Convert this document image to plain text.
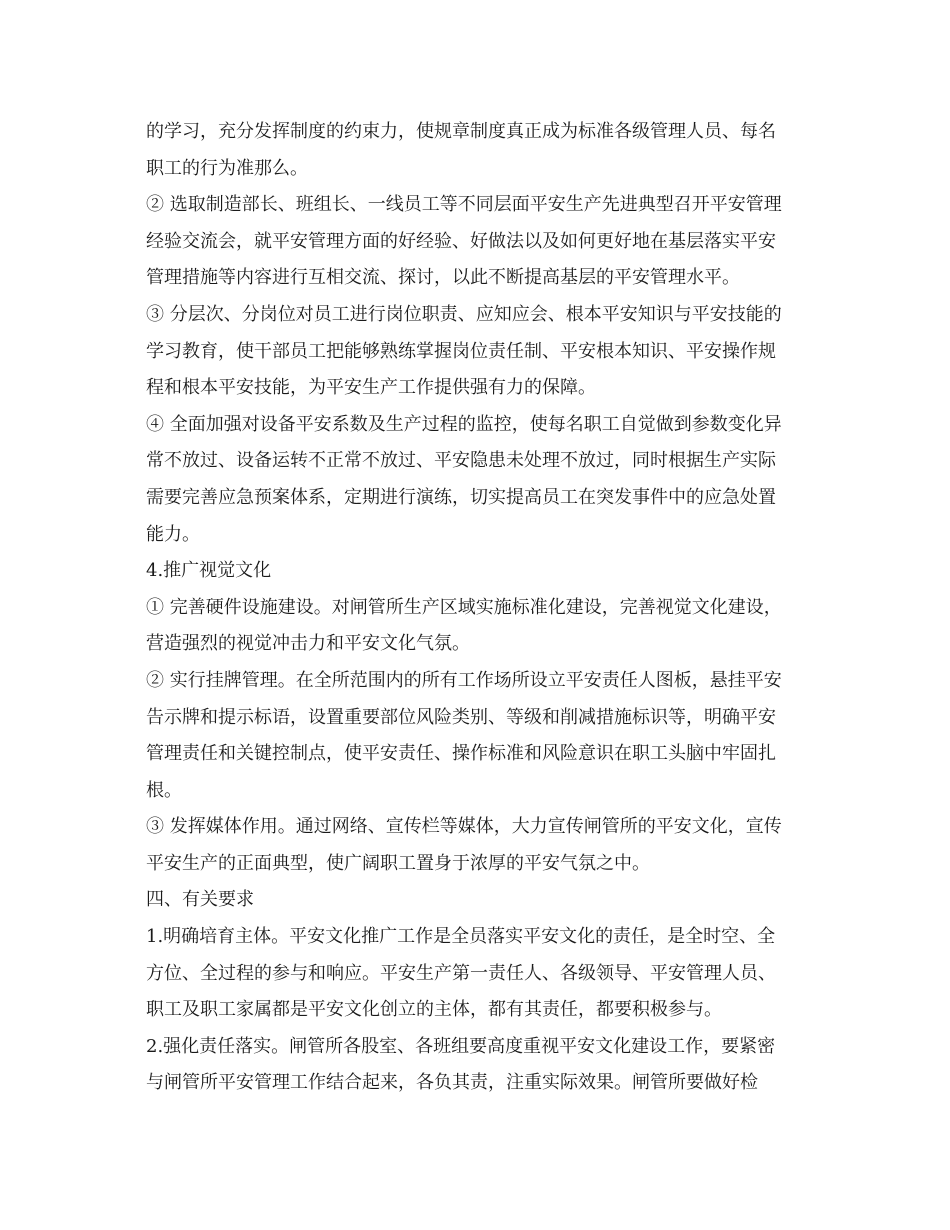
的学习，充分发挥制度的约束力，使规章制度真正成为标准各级管理人员、每名
职工的行为准那么。
② 选取制造部长、班组长、一线员工等不同层面平安生产先进典型召开平安管理
经验交流会，就平安管理方面的好经验、好做法以及如何更好地在基层落实平安
管理措施等内容进行互相交流、探讨，以此不断提高基层的平安管理水平。
③ 分层次、分岗位对员工进行岗位职责、应知应会、根本平安知识与平安技能的
学习教育，使干部员工把能够熟练掌握岗位责任制、平安根本知识、平安操作规
程和根本平安技能，为平安生产工作提供强有力的保障。
④ 全面加强对设备平安系数及生产过程的监控，使每名职工自觉做到参数变化异
常不放过、设备运转不正常不放过、平安隐患未处理不放过，同时根据生产实际
需要完善应急预案体系，定期进行演练，切实提高员工在突发事件中的应急处置
能力。
4.推广视觉文化
① 完善硬件设施建设。对闸管所生产区域实施标准化建设，完善视觉文化建设，
营造强烈的视觉冲击力和平安文化气氛。
② 实行挂牌管理。在全所范围内的所有工作场所设立平安责任人图板，悬挂平安
告示牌和提示标语，设置重要部位风险类别、等级和削减措施标识等，明确平安
管理责任和关键控制点，使平安责任、操作标准和风险意识在职工头脑中牢固扎
根。
③ 发挥媒体作用。通过网络、宣传栏等媒体，大力宣传闸管所的平安文化，宣传
平安生产的正面典型，使广阔职工置身于浓厚的平安气氛之中。
四、有关要求
1.明确培育主体。平安文化推广工作是全员落实平安文化的责任，是全时空、全
方位、全过程的参与和响应。平安生产第一责任人、各级领导、平安管理人员、
职工及职工家属都是平安文化创立的主体，都有其责任，都要积极参与。
2.强化责任落实。闸管所各股室、各班组要高度重视平安文化建设工作，要紧密
与闸管所平安管理工作结合起来，各负其责，注重实际效果。闸管所要做好检
